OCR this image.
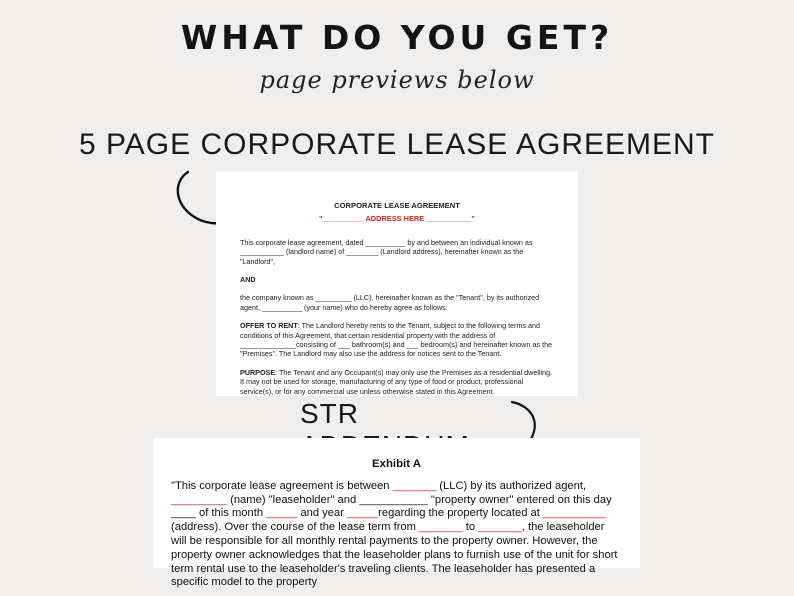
WHAT DO YOU GET?
page previews below
5 PAGE CORPORATE LEASE AGREEMENT
CORPORATE LEASE AGREEMENT
"__________ ADDRESS HERE ___________"

This corporate lease agreement, dated __________ by and between an individual known as ___________ (landlord name) of ________ (Landlord address), hereinafter known as the "Landlord",

AND

the company known as _________ (LLC), hereinafter known as the "Tenant", by its authorized agent, __________ (your name) who do hereby agree as follows:

OFFER TO RENT: The Landlord hereby rents to the Tenant, subject to the following terms and conditions of this Agreement, that certain residential property with the address of ______________consisting of ___ bathroom(s) and ___ bedroom(s) and hereinafter known as the "Premises". The Landlord may also use the address for notices sent to the Tenant.

PURPOSE: The Tenant and any Occupant(s) may only use the Premises as a residential dwelling. It may not be used for storage, manufacturing of any type of food or product, professional service(s), or for any commercial use unless otherwise stated in this Agreement.

STR
Exhibit A
"This corporate lease agreement is between _______ (LLC) by its authorized agent, _________ (name) "leaseholder" and ___________ "property owner" entered on this day ____ of this month _____ and year _____regarding the property located at __________ (address). Over the course of the lease term from _______ to _______, the leaseholder will be responsible for all monthly rental payments to the property owner. However, the property owner acknowledges that the leaseholder plans to furnish use of the unit for short term rental use to the leaseholder's traveling clients. The leaseholder has presented a specific model to the property
